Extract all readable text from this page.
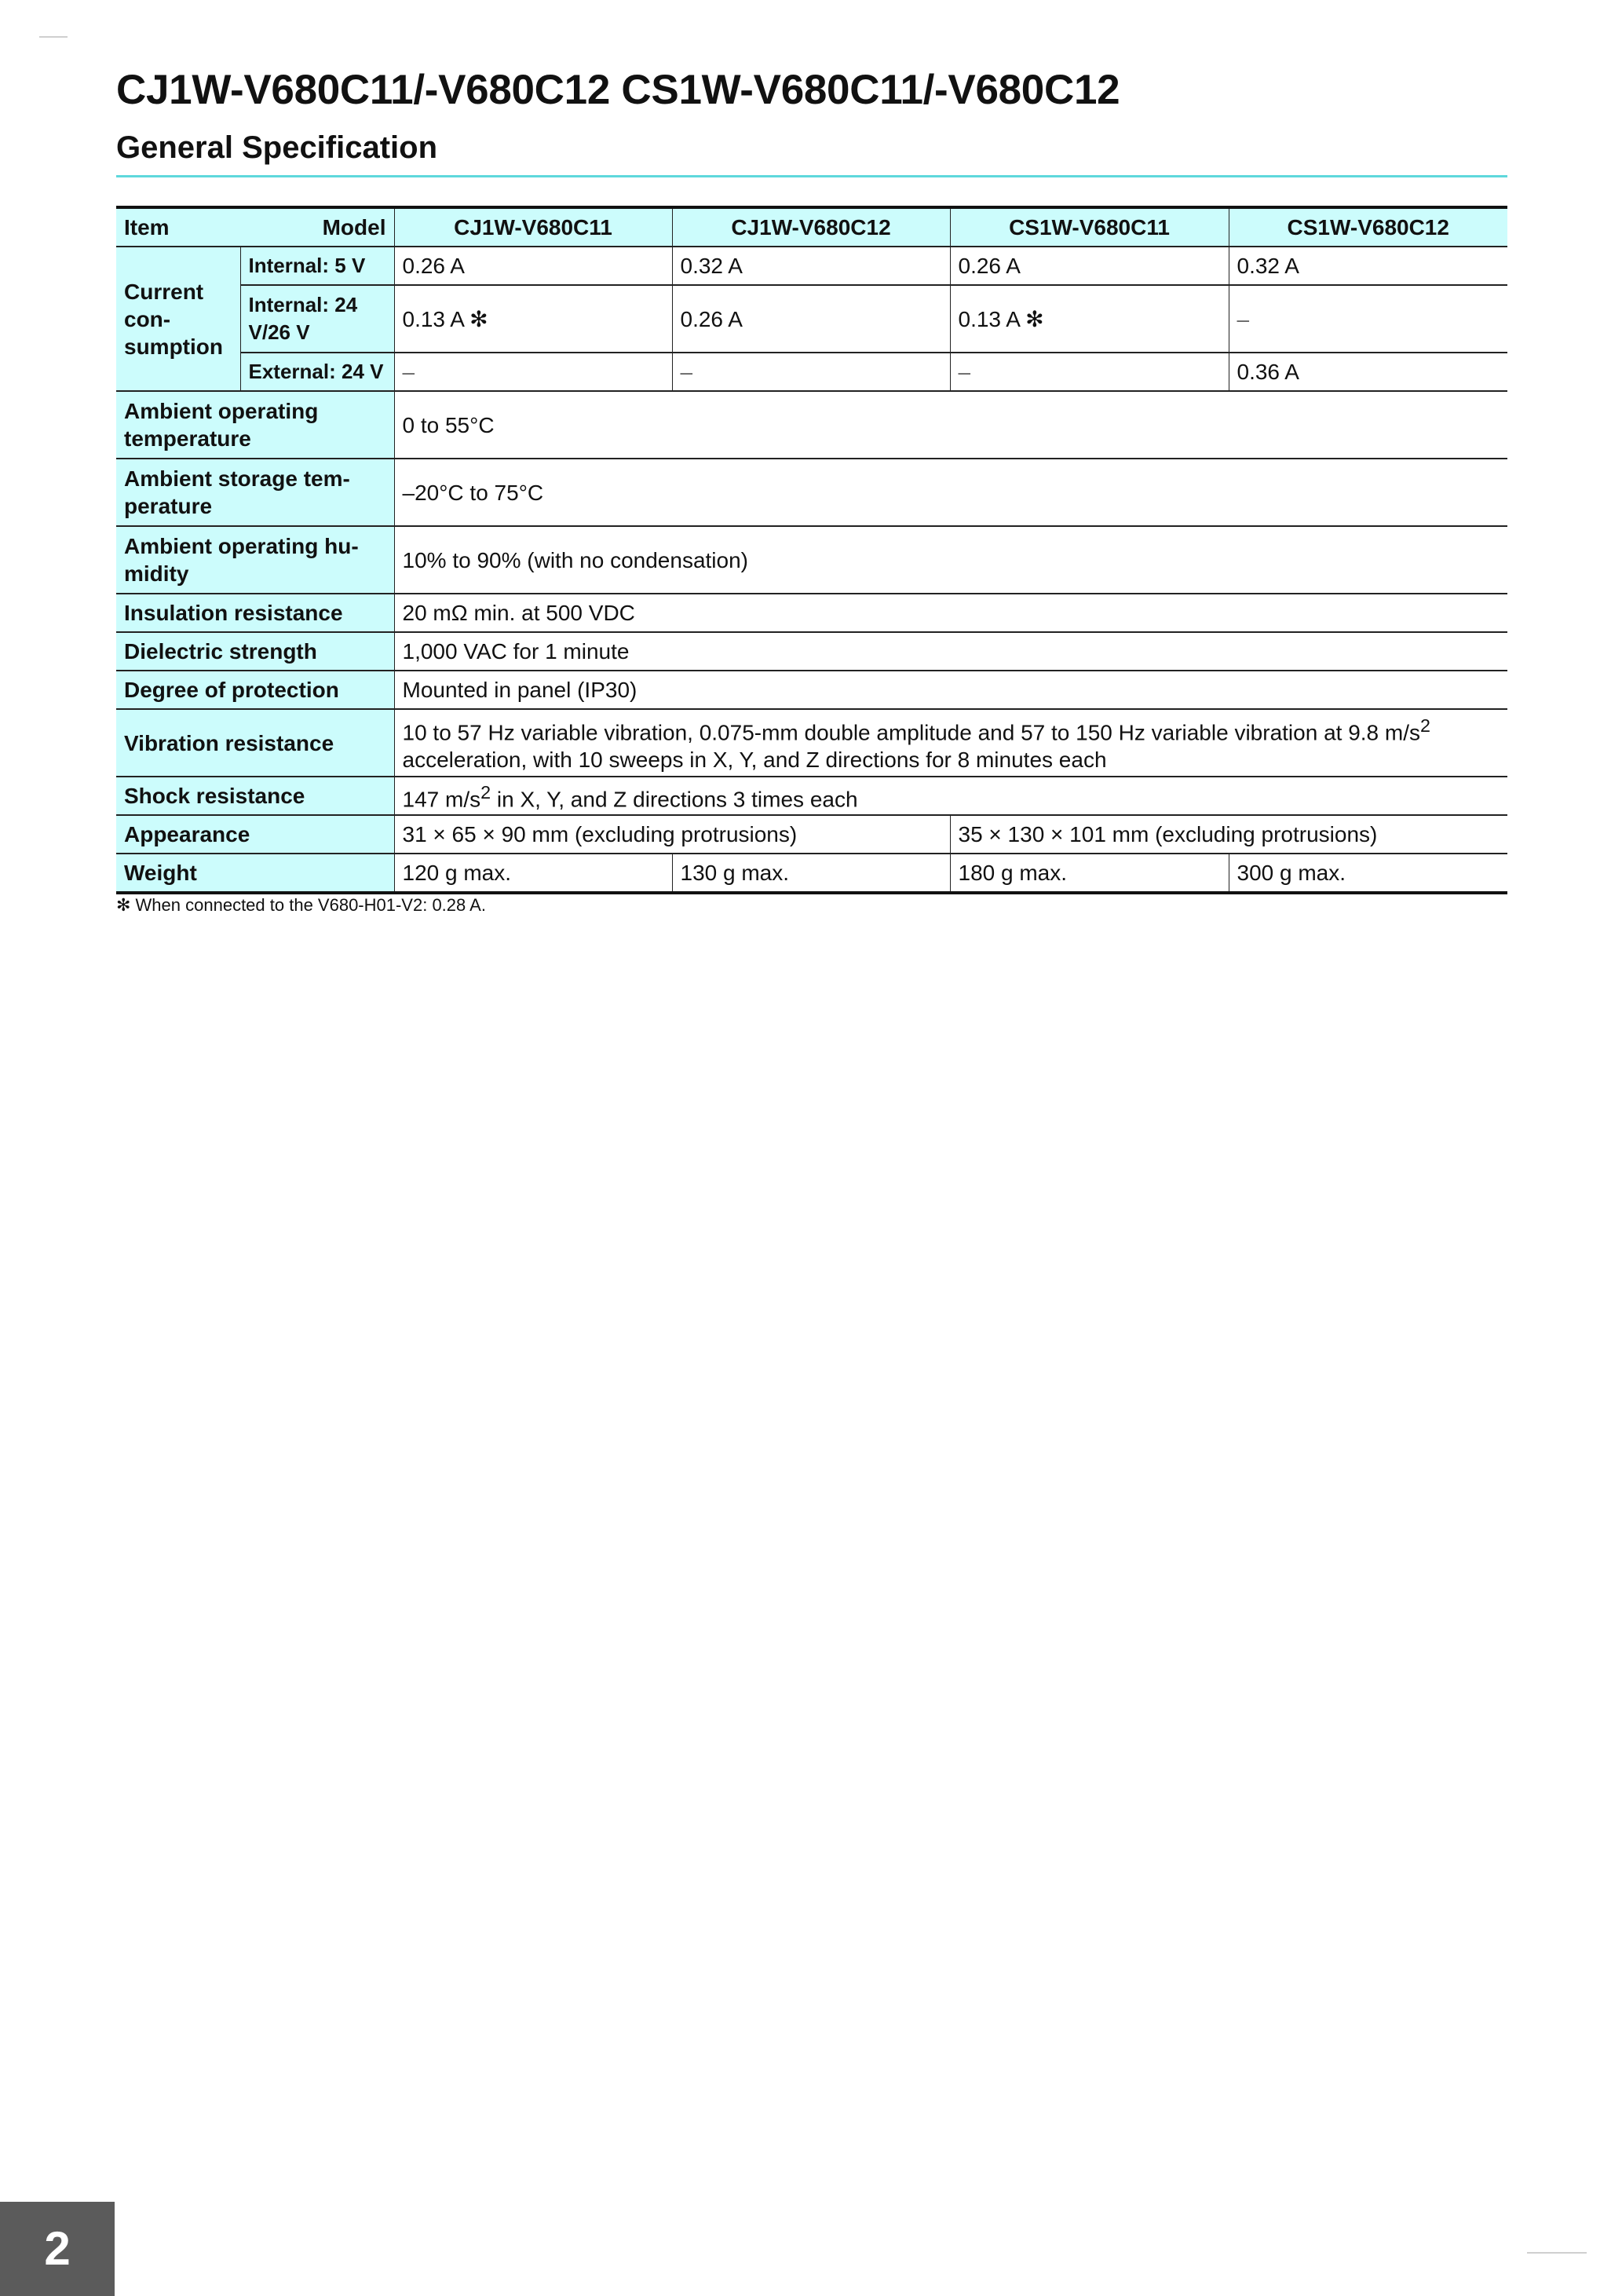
CJ1W-V680C11/-V680C12 CS1W-V680C11/-V680C12
General Specification
Item Model		CJ1W-V680C11	CJ1W-V680C12	CS1W-V680C11	CS1W-V680C12
Current con-sumption	Internal: 5 V	0.26 A	0.32 A	0.26 A	0.32 A
	Internal: 24 V/26 V	0.13 A ✻	0.26 A	0.13 A ✻	–
	External: 24 V	–	–	–	0.36 A
Ambient operating temperature		0 to 55°C			
Ambient storage tem-perature		–20°C to 75°C			
Ambient operating hu-midity		10% to 90% (with no condensation)			
Insulation resistance		20 mΩ min. at 500 VDC			
Dielectric strength		1,000 VAC for 1 minute			
Degree of protection		Mounted in panel (IP30)			
Vibration resistance		10 to 57 Hz variable vibration, 0.075-mm double amplitude and 57 to 150 Hz variable vibration at 9.8 $m/s^2$
acceleration, with 10 sweeps in X, Y, and Z directions for 8 minutes each			
Shock resistance		147 $m/s^2$ in X, Y, and Z directions 3 times each			
Appearance		31 × 65 × 90 mm (excluding protrusions)		35 × 130 × 101 mm (excluding protrusions)	
Weight		120 g max.	130 g max.	180 g max.	300 g max.

✻ When connected to the V680-H01-V2: 0.28 A.

2
